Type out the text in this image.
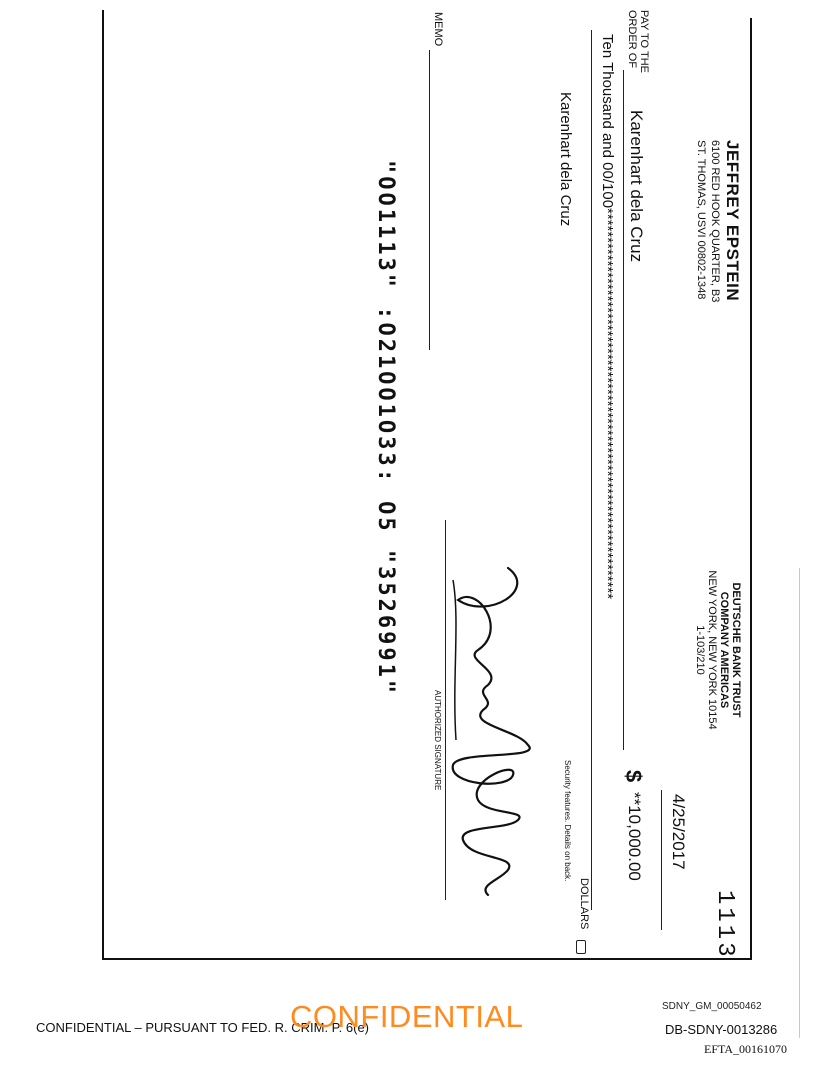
JEFFREY EPSTEIN
6100 RED HOOK QUARTER, B3
ST. THOMAS, USVI 00802-1348
DEUTSCHE BANK TRUST
COMPANY AMERICAS
NEW YORK, NEW YORK 10154
1-103/210
1113
4/25/2017
PAY TO THE
ORDER OF
Karenhart dela Cruz
$
**10,000.00
Ten Thousand and 00/100*******************************************************************
DOLLARS
Karenhart dela Cruz
Security features. Details on back.
AUTHORIZED SIGNATURE
MEMO
"OO1113" :O21OO1O33: O5 "3526991"
CONFIDENTIAL – PURSUANT TO FED. R. CRIM. P. 6(e)
CONFIDENTIAL	SDNY_GM_00050462
DB-SDNY-0013286
EFTA_00161070
